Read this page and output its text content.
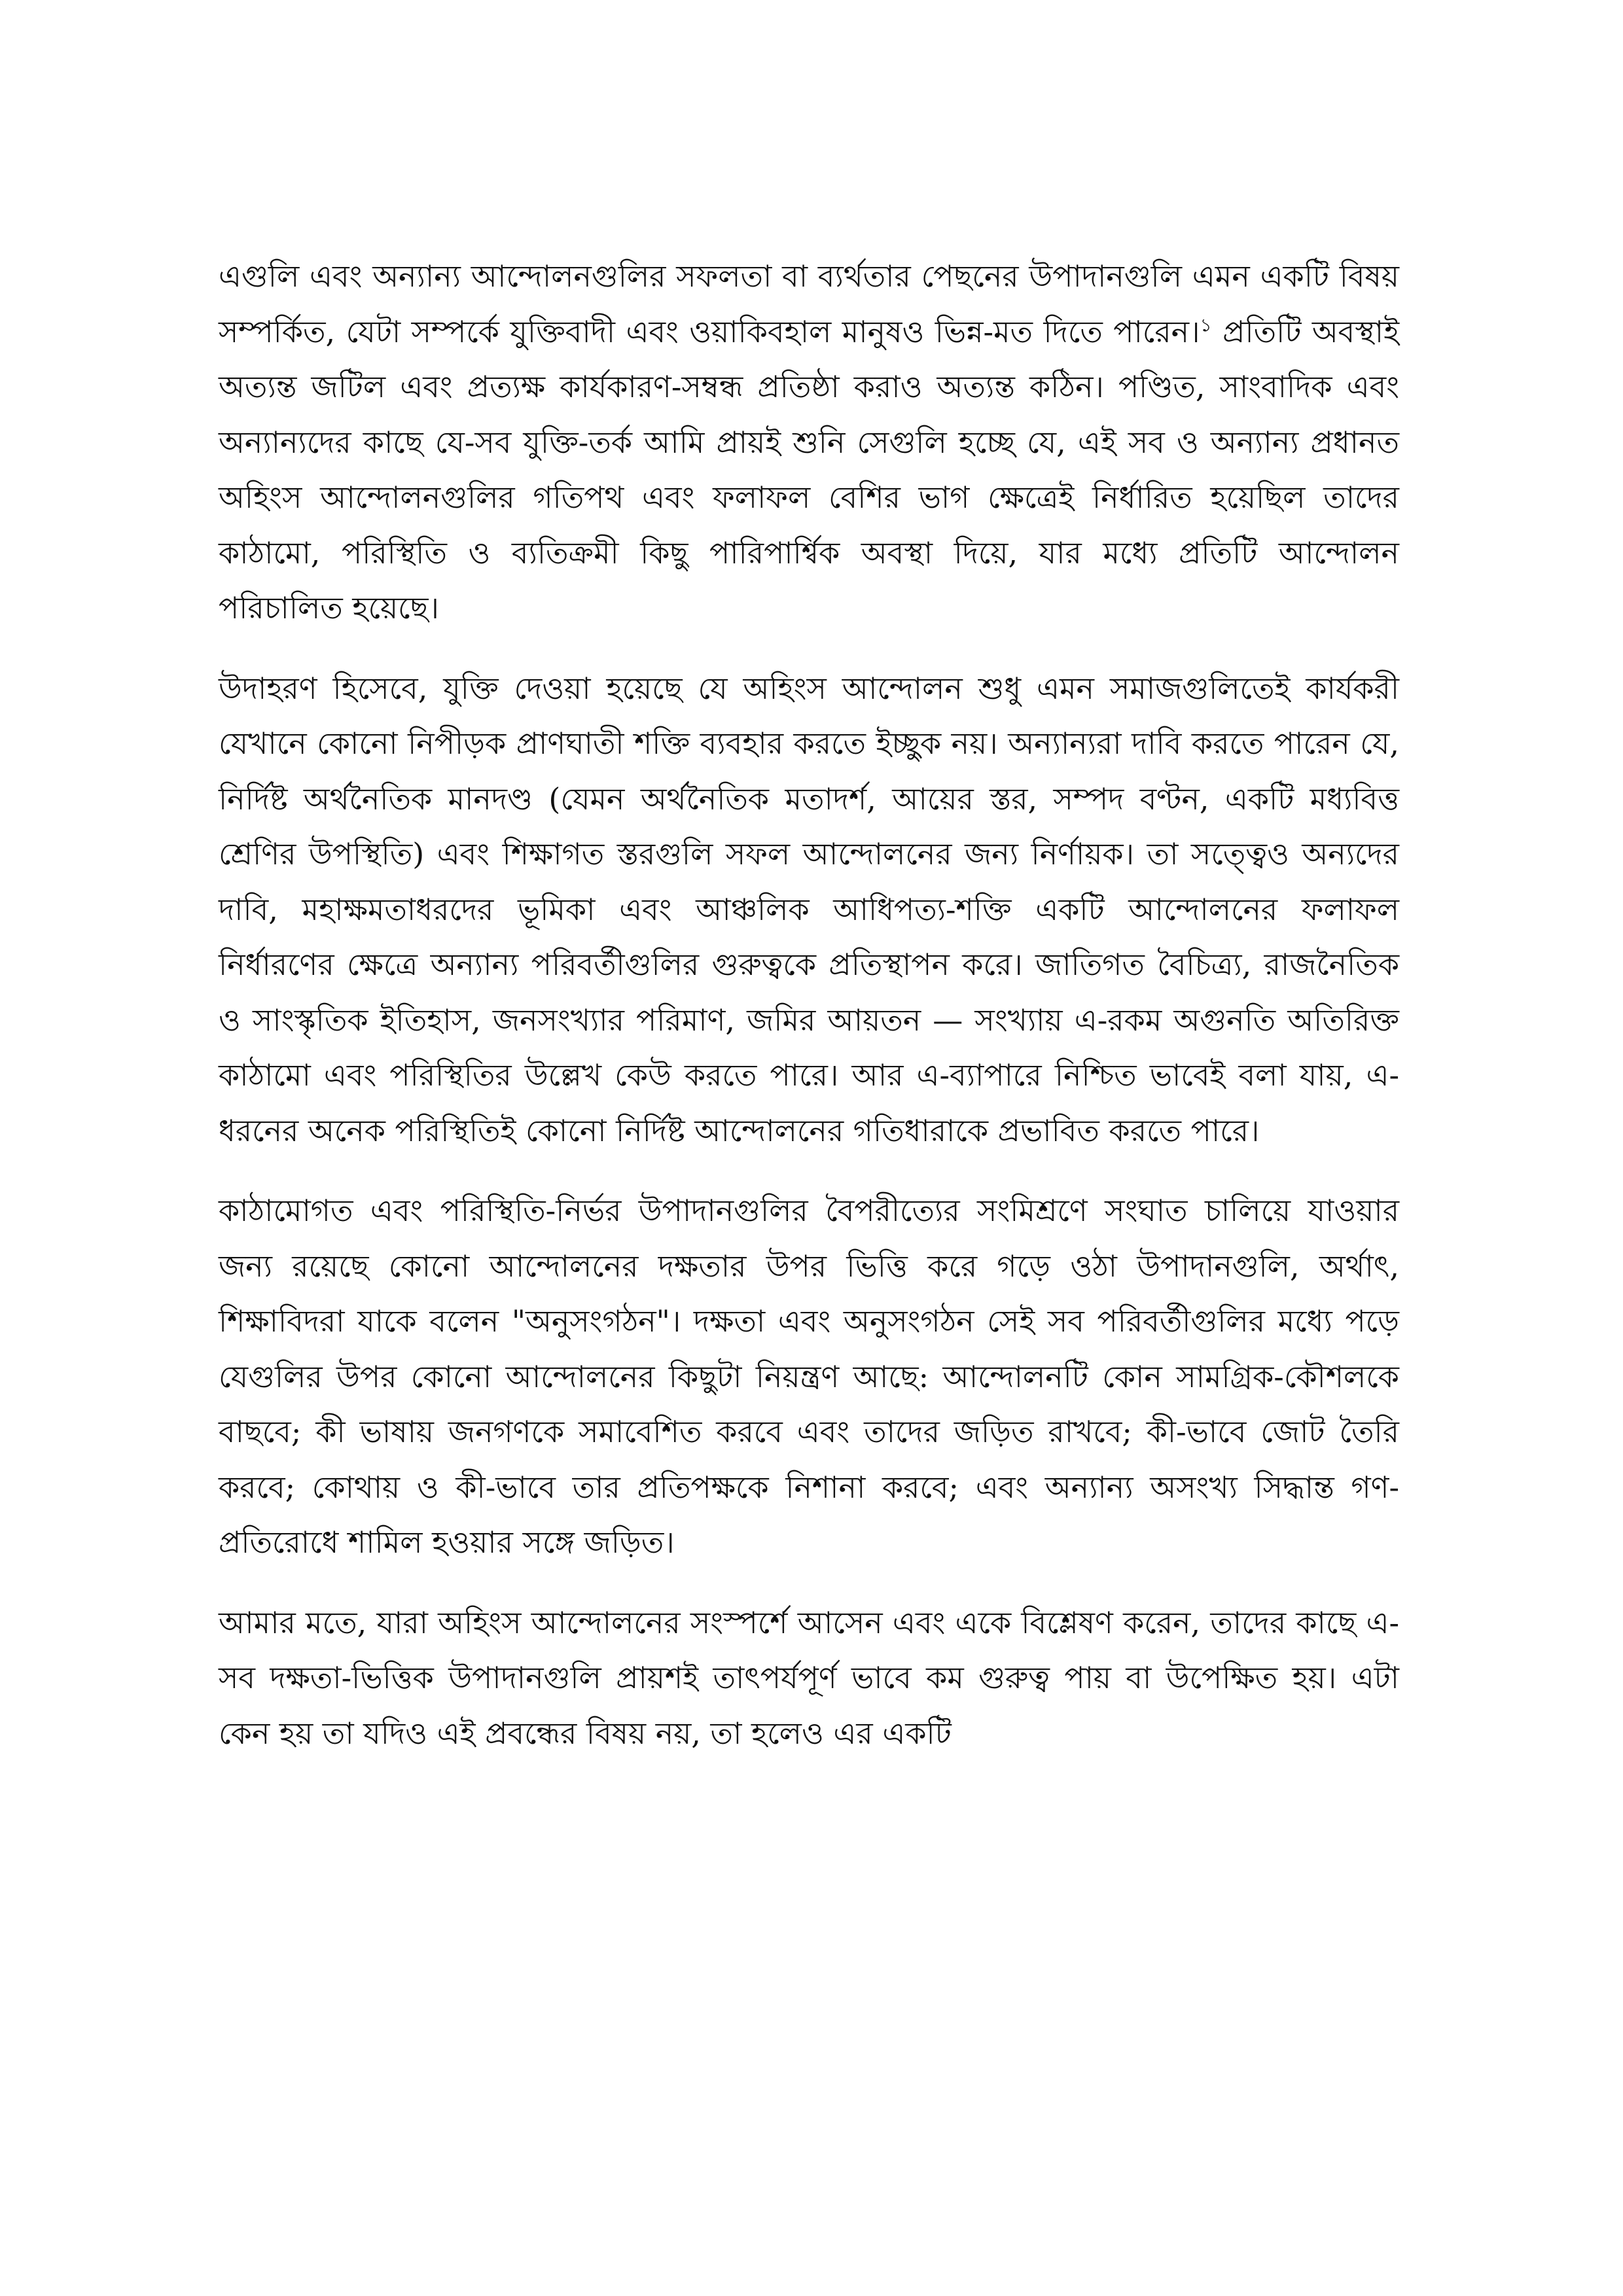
এগুলি এবং অন্যান্য আন্দোলনগুলির সফলতা বা ব্যর্থতার পেছনের উপাদানগুলি এমন একটি বিষয় সম্পর্কিত, যেটা সম্পর্কে যুক্তিবাদী এবং ওয়াকিবহাল মানুষও ভিন্ন-মত দিতে পারেন।$^১$ প্রতিটি অবস্থাই অত্যন্ত জটিল এবং প্রত্যক্ষ কার্যকারণ-সম্বন্ধ প্রতিষ্ঠা করাও অত্যন্ত কঠিন। পণ্ডিত, সাংবাদিক এবং অন্যান্যদের কাছে যে-সব যুক্তি-তর্ক আমি প্রায়ই শুনি সেগুলি হচ্ছে যে, এই সব ও অন্যান্য প্রধানত অহিংস আন্দোলনগুলির গতিপথ এবং ফলাফল বেশির ভাগ ক্ষেত্রেই নির্ধারিত হয়েছিল তাদের কাঠামো, পরিস্থিতি ও ব্যতিক্রমী কিছু পারিপার্শ্বিক অবস্থা দিয়ে, যার মধ্যে প্রতিটি আন্দোলন পরিচালিত হয়েছে।

উদাহরণ হিসেবে, যুক্তি দেওয়া হয়েছে যে অহিংস আন্দোলন শুধু এমন সমাজগুলিতেই কার্যকরী যেখানে কোনো নিপীড়ক প্রাণঘাতী শক্তি ব্যবহার করতে ইচ্ছুক নয়। অন্যান্যরা দাবি করতে পারেন যে, নির্দিষ্ট অর্থনৈতিক মানদণ্ড (যেমন অর্থনৈতিক মতাদর্শ, আয়ের স্তর, সম্পদ বণ্টন, একটি মধ্যবিত্ত শ্রেণির উপস্থিতি) এবং শিক্ষাগত স্তরগুলি সফল আন্দোলনের জন্য নির্ণায়ক। তা সত্ত্বেও অন্যদের দাবি, মহাক্ষমতাধরদের ভূমিকা এবং আঞ্চলিক আধিপত্য-শক্তি একটি আন্দোলনের ফলাফল নির্ধারণের ক্ষেত্রে অন্যান্য পরিবর্তীগুলির গুরুত্বকে প্রতিস্থাপন করে। জাতিগত বৈচিত্র্য, রাজনৈতিক ও সাংস্কৃতিক ইতিহাস, জনসংখ্যার পরিমাণ, জমির আয়তন — সংখ্যায় এ-রকম অগুনতি অতিরিক্ত কাঠামো এবং পরিস্থিতির উল্লেখ কেউ করতে পারে। আর এ-ব্যাপারে নিশ্চিত ভাবেই বলা যায়, এ-ধরনের অনেক পরিস্থিতিই কোনো নির্দিষ্ট আন্দোলনের গতিধারাকে প্রভাবিত করতে পারে।

কাঠামোগত এবং পরিস্থিতি-নির্ভর উপাদানগুলির বৈপরীত্যের সংমিশ্রণে সংঘাত চালিয়ে যাওয়ার জন্য রয়েছে কোনো আন্দোলনের দক্ষতার উপর ভিত্তি করে গড়ে ওঠা উপাদানগুলি, অর্থাৎ, শিক্ষাবিদরা যাকে বলেন "অনুসংগঠন"। দক্ষতা এবং অনুসংগঠন সেই সব পরিবর্তীগুলির মধ্যে পড়ে যেগুলির উপর কোনো আন্দোলনের কিছুটা নিয়ন্ত্রণ আছে: আন্দোলনটি কোন সামগ্রিক-কৌশলকে বাছবে; কী ভাষায় জনগণকে সমাবেশিত করবে এবং তাদের জড়িত রাখবে; কী-ভাবে জোট তৈরি করবে; কোথায় ও কী-ভাবে তার প্রতিপক্ষকে নিশানা করবে; এবং অন্যান্য অসংখ্য সিদ্ধান্ত গণ-প্রতিরোধে শামিল হওয়ার সঙ্গে জড়িত।

আমার মতে, যারা অহিংস আন্দোলনের সংস্পর্শে আসেন এবং একে বিশ্লেষণ করেন, তাদের কাছে এ-সব দক্ষতা-ভিত্তিক উপাদানগুলি প্রায়শই তাৎপর্যপূর্ণ ভাবে কম গুরুত্ব পায় বা উপেক্ষিত হয়। এটা কেন হয় তা যদিও এই প্রবন্ধের বিষয় নয়, তা হলেও এর একটি
